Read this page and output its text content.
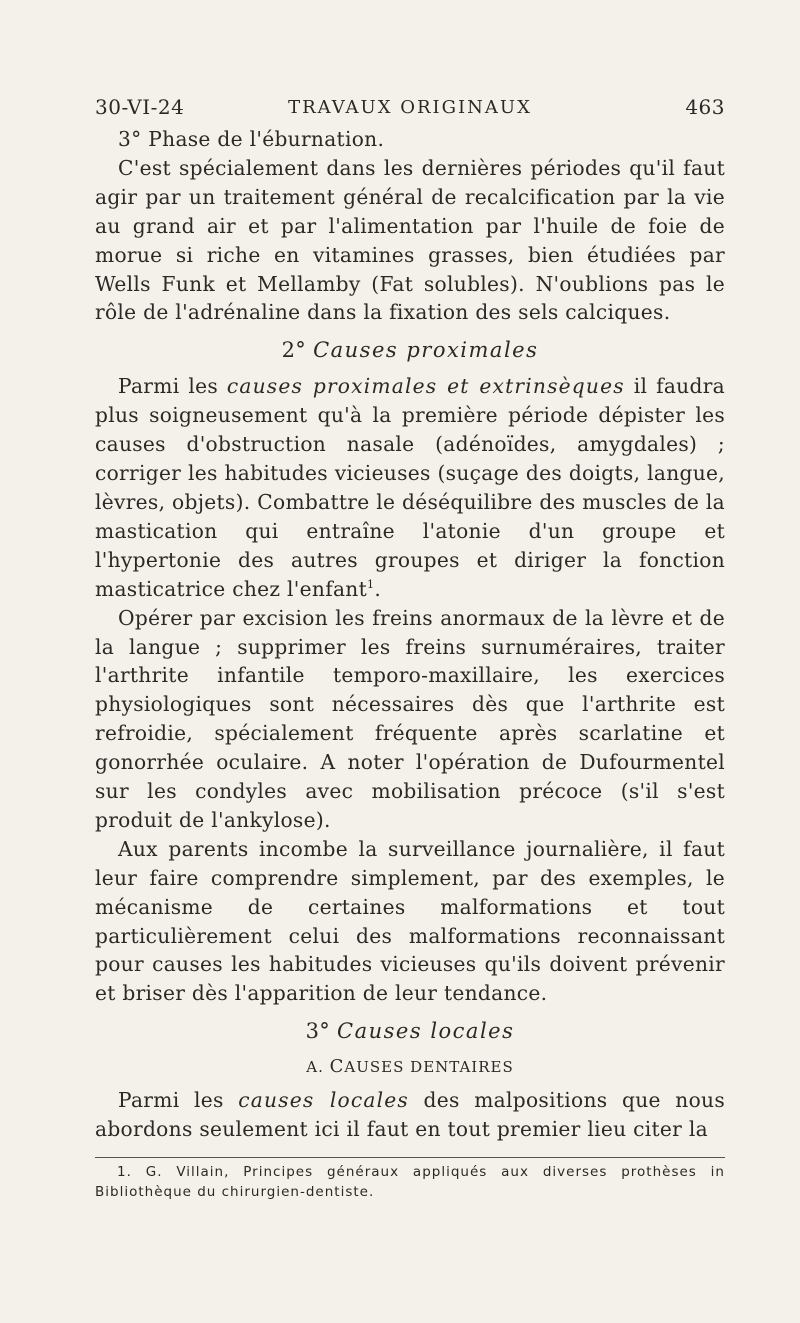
30-VI-24	TRAVAUX ORIGINAUX	463

3° Phase de l'éburnation.

C'est spécialement dans les dernières périodes qu'il faut agir par un traitement général de recalcification par la vie au grand air et par l'alimentation par l'huile de foie de morue si riche en vitamines grasses, bien étudiées par Wells Funk et Mellamby (Fat solubles). N'oublions pas le rôle de l'adrénaline dans la fixation des sels calciques.

2° Causes proximales

Parmi les causes proximales et extrinsèques il faudra plus soigneusement qu'à la première période dépister les causes d'obstruction nasale (adénoïdes, amygdales) ; corriger les habitudes vicieuses (suçage des doigts, langue, lèvres, objets). Combattre le déséquilibre des muscles de la mastication qui entraîne l'atonie d'un groupe et l'hypertonie des autres groupes et diriger la fonction masticatrice chez l'enfant$^1$.

Opérer par excision les freins anormaux de la lèvre et de la langue ; supprimer les freins surnuméraires, traiter l'arthrite infantile temporo-maxillaire, les exercices physiologiques sont nécessaires dès que l'arthrite est refroidie, spécialement fréquente après scarlatine et gonorrhée oculaire. A noter l'opération de Dufourmentel sur les condyles avec mobilisation précoce (s'il s'est produit de l'ankylose).

Aux parents incombe la surveillance journalière, il faut leur faire comprendre simplement, par des exemples, le mécanisme de certaines malformations et tout particulièrement celui des malformations reconnaissant pour causes les habitudes vicieuses qu'ils doivent prévenir et briser dès l'apparition de leur tendance.

3° Causes locales
A. CAUSES DENTAIRES

Parmi les causes locales des malpositions que nous abordons seulement ici il faut en tout premier lieu citer la

1. G. Villain, Principes généraux appliqués aux diverses prothèses in Bibliothèque du chirurgien-dentiste.
